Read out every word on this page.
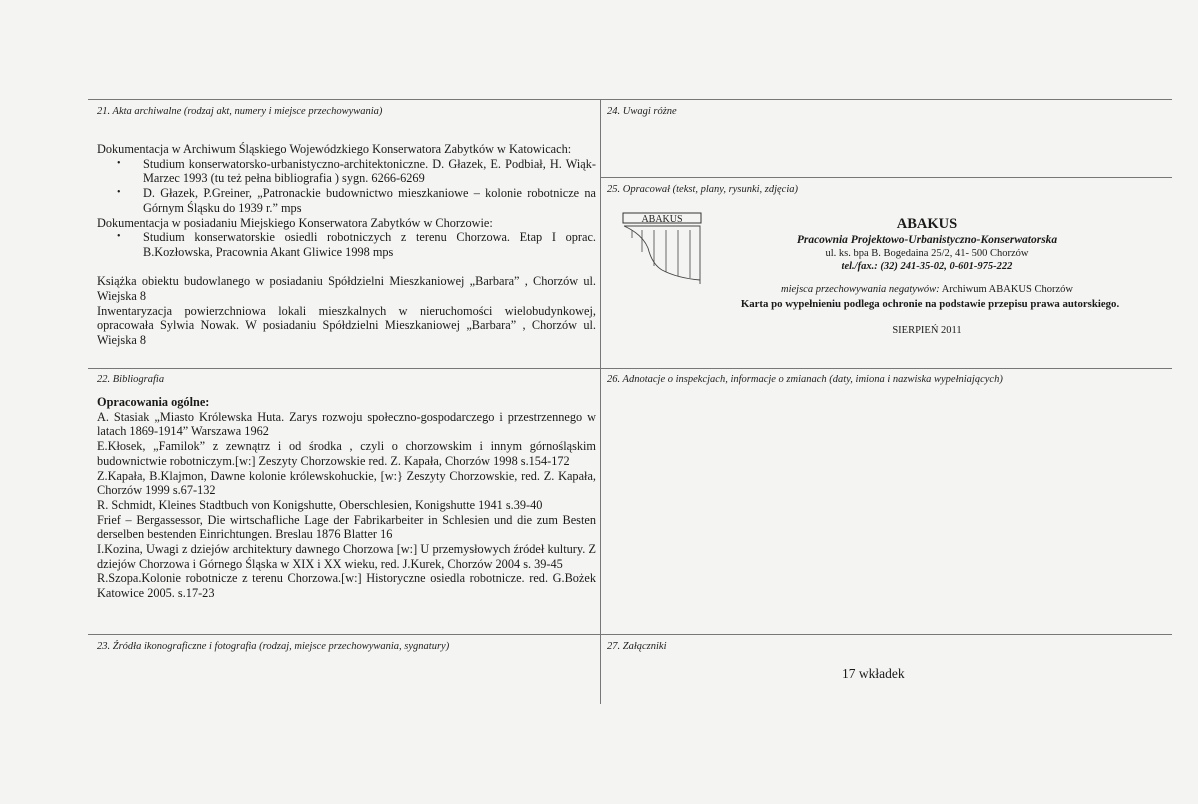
21. Akta archiwalne (rodzaj akt, numery i miejsce przechowywania)

Dokumentacja w Archiwum Śląskiego Wojewódzkiego Konserwatora Zabytków w Katowicach:

• Studium konserwatorsko-urbanistyczno-architektoniczne. D. Głazek, E. Podbiał, H. Wiąk-Marzec 1993 (tu też pełna bibliografia ) sygn. 6266-6269

• D. Głazek, P.Greiner, „Patronackie budownictwo mieszkaniowe – kolonie robotnicze na Górnym Śląsku do 1939 r.” mps

Dokumentacja w posiadaniu Miejskiego Konserwatora Zabytków w Chorzowie:

• Studium konserwatorskie osiedli robotniczych z terenu Chorzowa. Etap I oprac. B.Kozłowska, Pracownia Akant Gliwice 1998 mps

Książka obiektu budowlanego w posiadaniu Spółdzielni Mieszkaniowej „Barbara” , Chorzów ul. Wiejska 8

Inwentaryzacja powierzchniowa lokali mieszkalnych w nieruchomości wielobudynkowej, opracowała Sylwia Nowak. W posiadaniu Spółdzielni Mieszkaniowej „Barbara” , Chorzów ul. Wiejska 8

24. Uwagi różne
25. Opracował (tekst, plany, rysunki, zdjęcia)
ABAKUS	ABAKUS
Pracownia Projektowo-Urbanistyczno-Konserwatorska
ul. ks. bpa B. Bogedaina 25/2, 41- 500 Chorzów
tel./fax.: (32) 241-35-02, 0-601-975-222
miejsca przechowywania negatywów: Archiwum ABAKUS Chorzów
Karta po wypełnieniu podlega ochronie na podstawie przepisu prawa autorskiego.
SIERPIEŃ 2011
22. Bibliografia

Opracowania ogólne:

A. Stasiak „Miasto Królewska Huta. Zarys rozwoju społeczno-gospodarczego i przestrzennego w latach 1869-1914” Warszawa 1962

E.Kłosek, „Familok” z zewnątrz i od środka , czyli o chorzowskim i innym górnośląskim budownictwie robotniczym.[w:] Zeszyty Chorzowskie red. Z. Kapała, Chorzów 1998 s.154-172

Z.Kapała, B.Klajmon, Dawne kolonie królewskohuckie, [w:} Zeszyty Chorzowskie, red. Z. Kapała, Chorzów 1999 s.67-132

R. Schmidt, Kleines Stadtbuch von Konigshutte, Oberschlesien, Konigshutte 1941 s.39-40

Frief – Bergassessor, Die wirtschafliche Lage der Fabrikarbeiter in Schlesien und die zum Besten derselben bestenden Einrichtungen. Breslau 1876 Blatter 16

I.Kozina, Uwagi z dziejów architektury dawnego Chorzowa [w:] U przemysłowych źródeł kultury. Z dziejów Chorzowa i Górnego Śląska w XIX i XX wieku, red. J.Kurek, Chorzów 2004 s. 39-45

R.Szopa.Kolonie robotnicze z terenu Chorzowa.[w:] Historyczne osiedla robotnicze. red. G.Bożek Katowice 2005. s.17-23

26. Adnotacje o inspekcjach, informacje o zmianach (daty, imiona i nazwiska wypełniających)
23. Źródła ikonograficzne i fotografia (rodzaj, miejsce przechowywania, sygnatury)	27. Załączniki
17 wkładek
